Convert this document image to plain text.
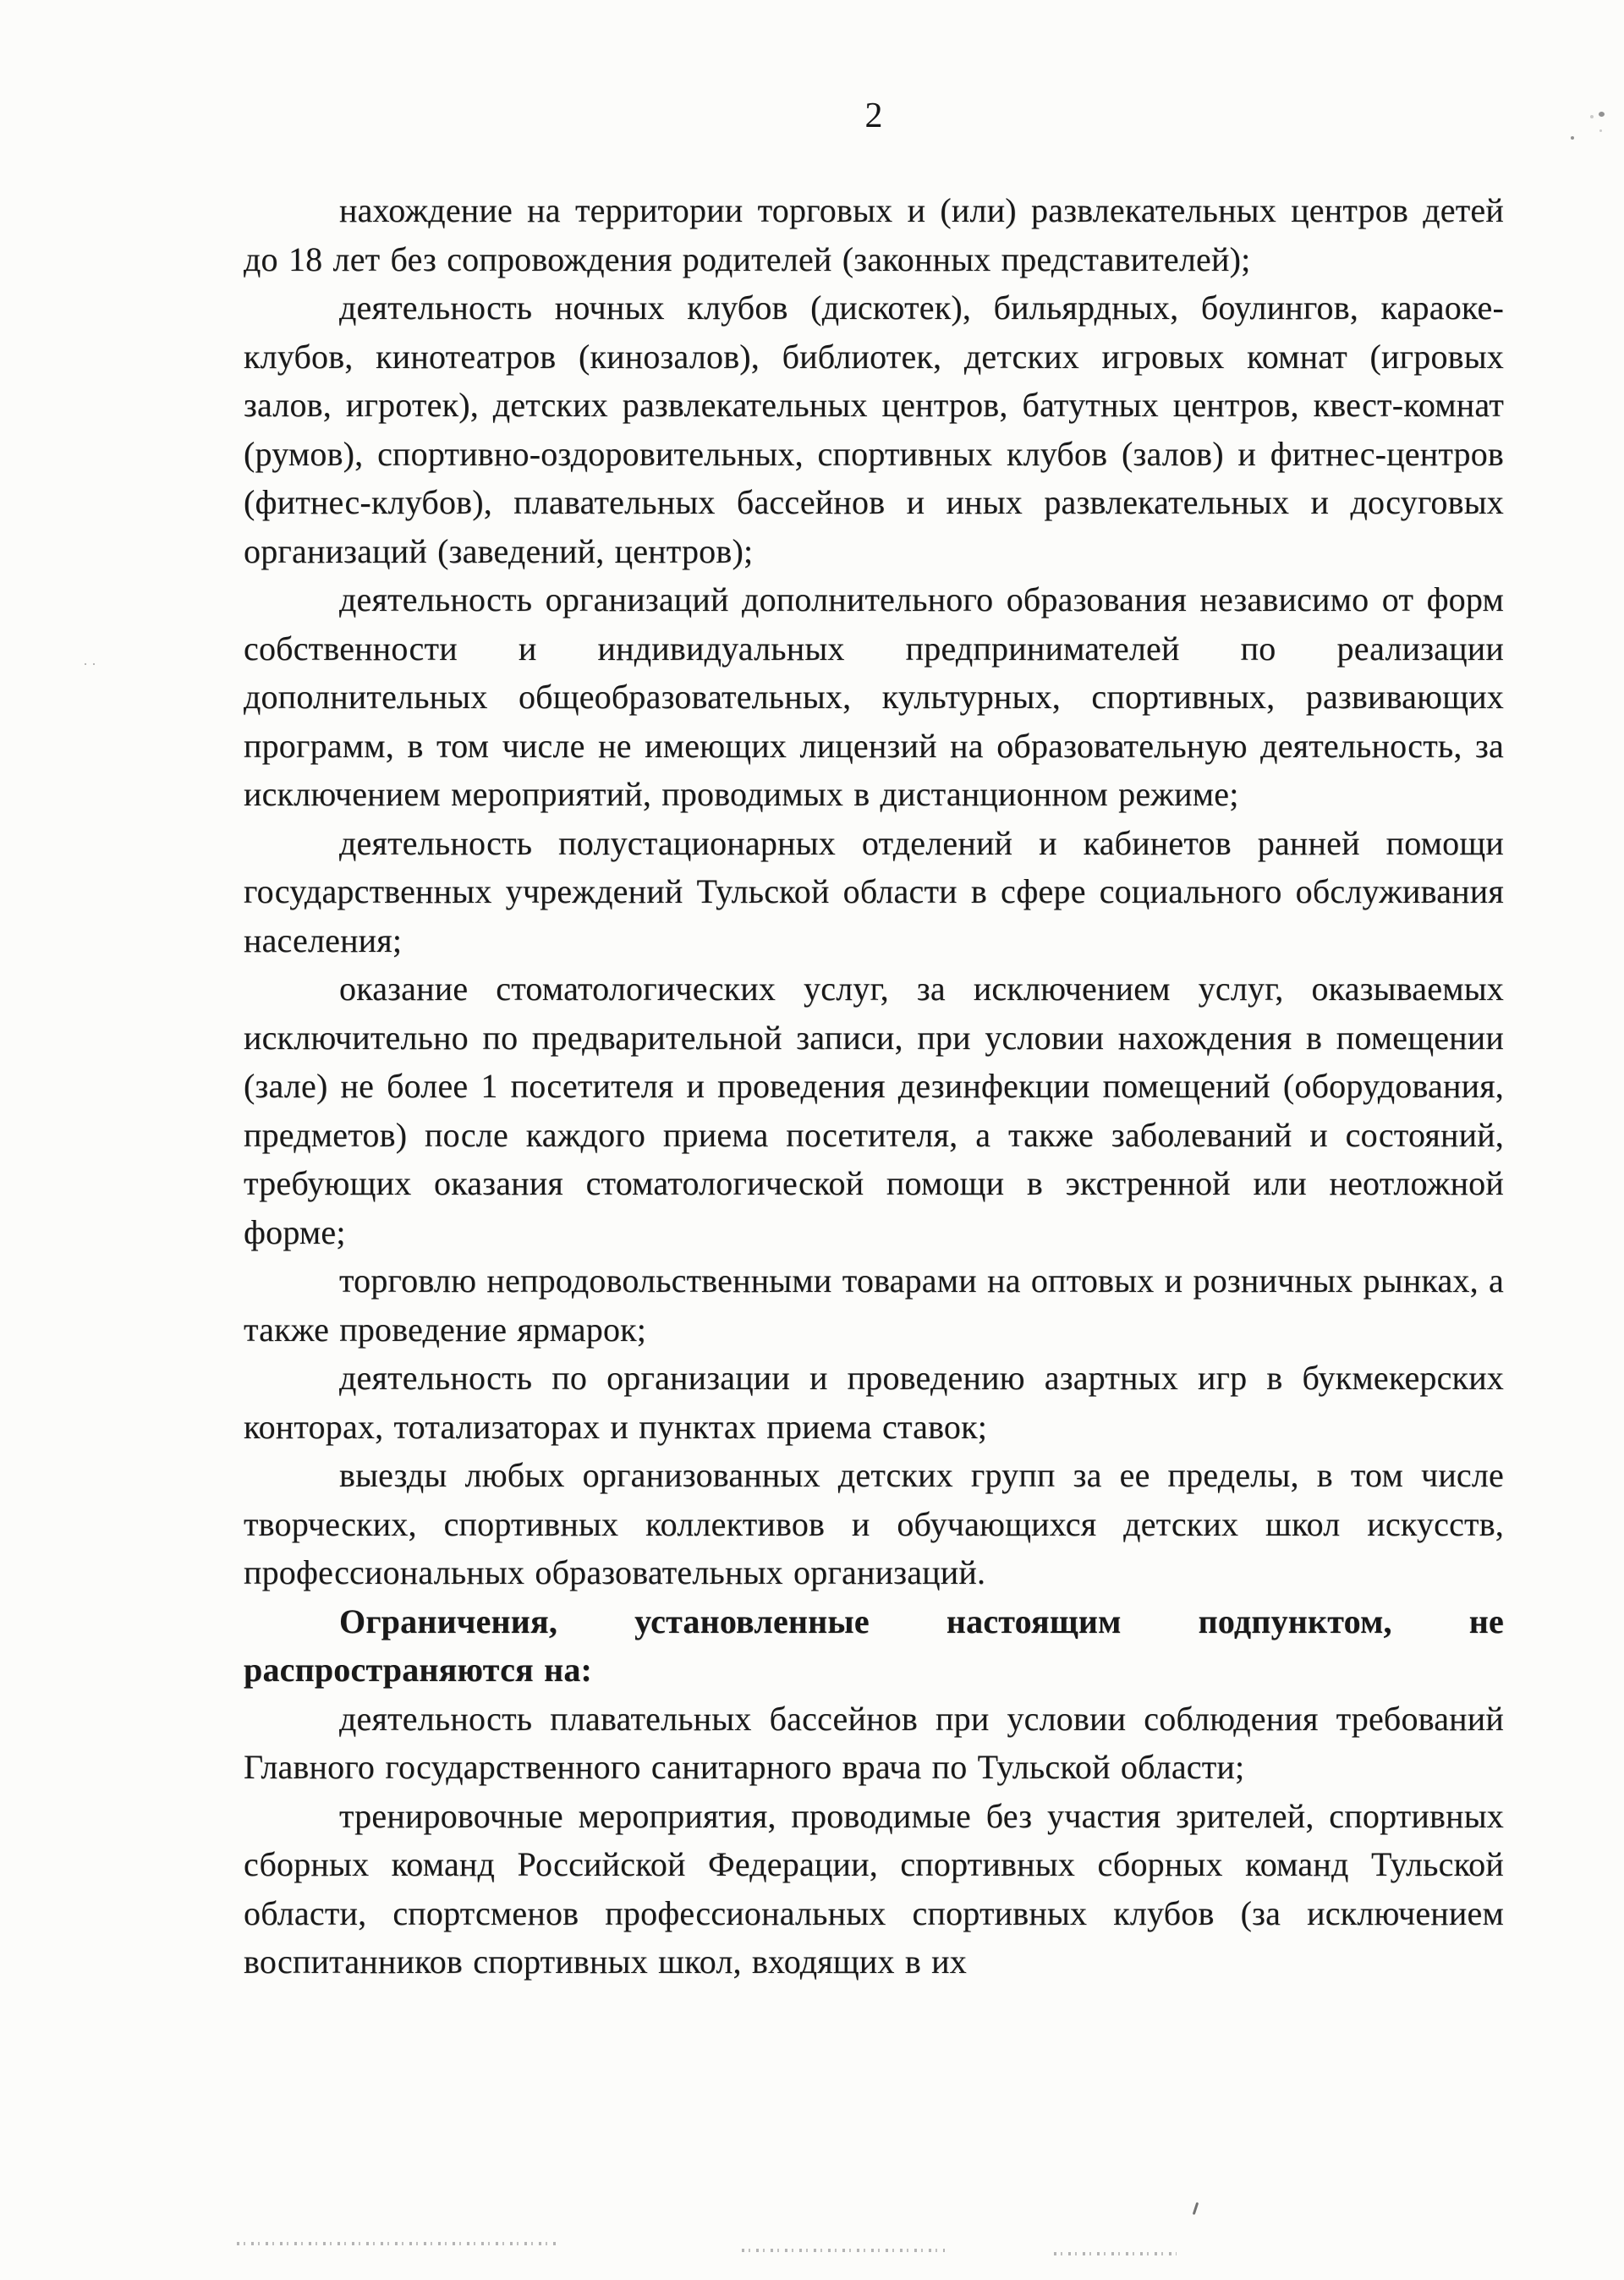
2

нахождение на территории торговых и (или) развлекательных центров детей до 18 лет без сопровождения родителей (законных представителей);

деятельность ночных клубов (дискотек), бильярдных, боулингов, караоке-клубов, кинотеатров (кинозалов), библиотек, детских игровых комнат (игровых залов, игротек), детских развлекательных центров, батутных центров, квест-комнат (румов), спортивно-оздоровительных, спортивных клубов (залов) и фитнес-центров (фитнес-клубов), плавательных бассейнов и иных развлекательных и досуговых организаций (заведений, центров);

деятельность организаций дополнительного образования независимо от форм собственности и индивидуальных предпринимателей по реализации дополнительных общеобразовательных, культурных, спортивных, развивающих программ, в том числе не имеющих лицензий на образовательную деятельность, за исключением мероприятий, проводимых в дистанционном режиме;

деятельность полустационарных отделений и кабинетов ранней помощи государственных учреждений Тульской области в сфере социального обслуживания населения;

оказание стоматологических услуг, за исключением услуг, оказываемых исключительно по предварительной записи, при условии нахождения в помещении (зале) не более 1 посетителя и проведения дезинфекции помещений (оборудования, предметов) после каждого приема посетителя, а также заболеваний и состояний, требующих оказания стоматологической помощи в экстренной или неотложной форме;

торговлю непродовольственными товарами на оптовых и розничных рынках, а также проведение ярмарок;

деятельность по организации и проведению азартных игр в букмекерских конторах, тотализаторах и пунктах приема ставок;

выезды любых организованных детских групп за ее пределы, в том числе творческих, спортивных коллективов и обучающихся детских школ искусств, профессиональных образовательных организаций.

Ограничения, установленные настоящим подпунктом, не распространяются на:

деятельность плавательных бассейнов при условии соблюдения требований Главного государственного санитарного врача по Тульской области;

тренировочные мероприятия, проводимые без участия зрителей, спортивных сборных команд Российской Федерации, спортивных сборных команд Тульской области, спортсменов профессиональных спортивных клубов (за исключением воспитанников спортивных школ, входящих в их

··
